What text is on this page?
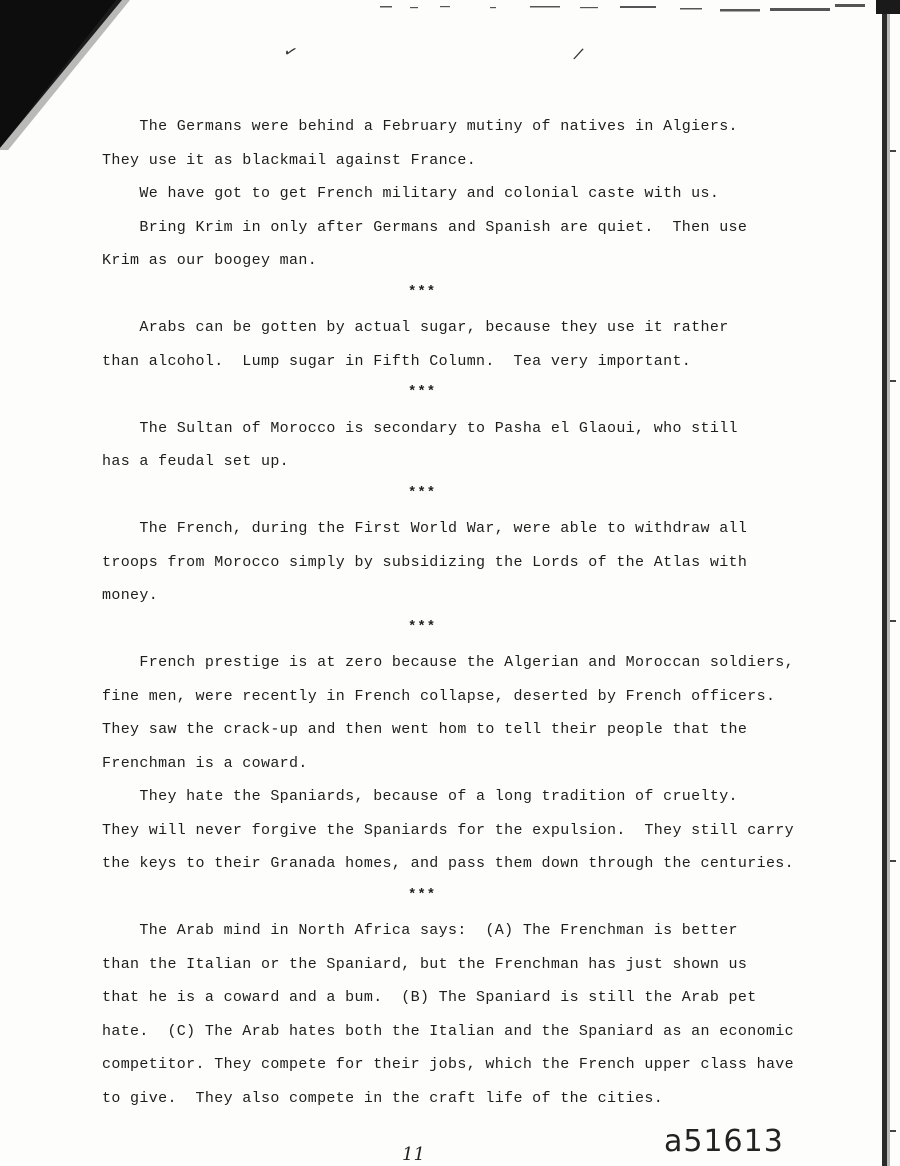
✓	/
The Germans were behind a February mutiny of natives in Algiers.
They use it as blackmail against France.
We have got to get French military and colonial caste with us.
Bring Krim in only after Germans and Spanish are quiet.  Then use
Krim as our boogey man.
***
Arabs can be gotten by actual sugar, because they use it rather
than alcohol.  Lump sugar in Fifth Column.  Tea very important.
***
The Sultan of Morocco is secondary to Pasha el Glaoui, who still
has a feudal set up.
***
The French, during the First World War, were able to withdraw all
troops from Morocco simply by subsidizing the Lords of the Atlas with
money.
***
French prestige is at zero because the Algerian and Moroccan soldiers,
fine men, were recently in French collapse, deserted by French officers.
They saw the crack-up and then went hom to tell their people that the
Frenchman is a coward.
They hate the Spaniards, because of a long tradition of cruelty.
They will never forgive the Spaniards for the expulsion.  They still carry
the keys to their Granada homes, and pass them down through the centuries.
***
The Arab mind in North Africa says:  (A) The Frenchman is better
than the Italian or the Spaniard, but the Frenchman has just shown us
that he is a coward and a bum.  (B) The Spaniard is still the Arab pet
hate.  (C) The Arab hates both the Italian and the Spaniard as an economic
competitor. They compete for their jobs, which the French upper class have
to give.  They also compete in the craft life of the cities.
a51613
11
